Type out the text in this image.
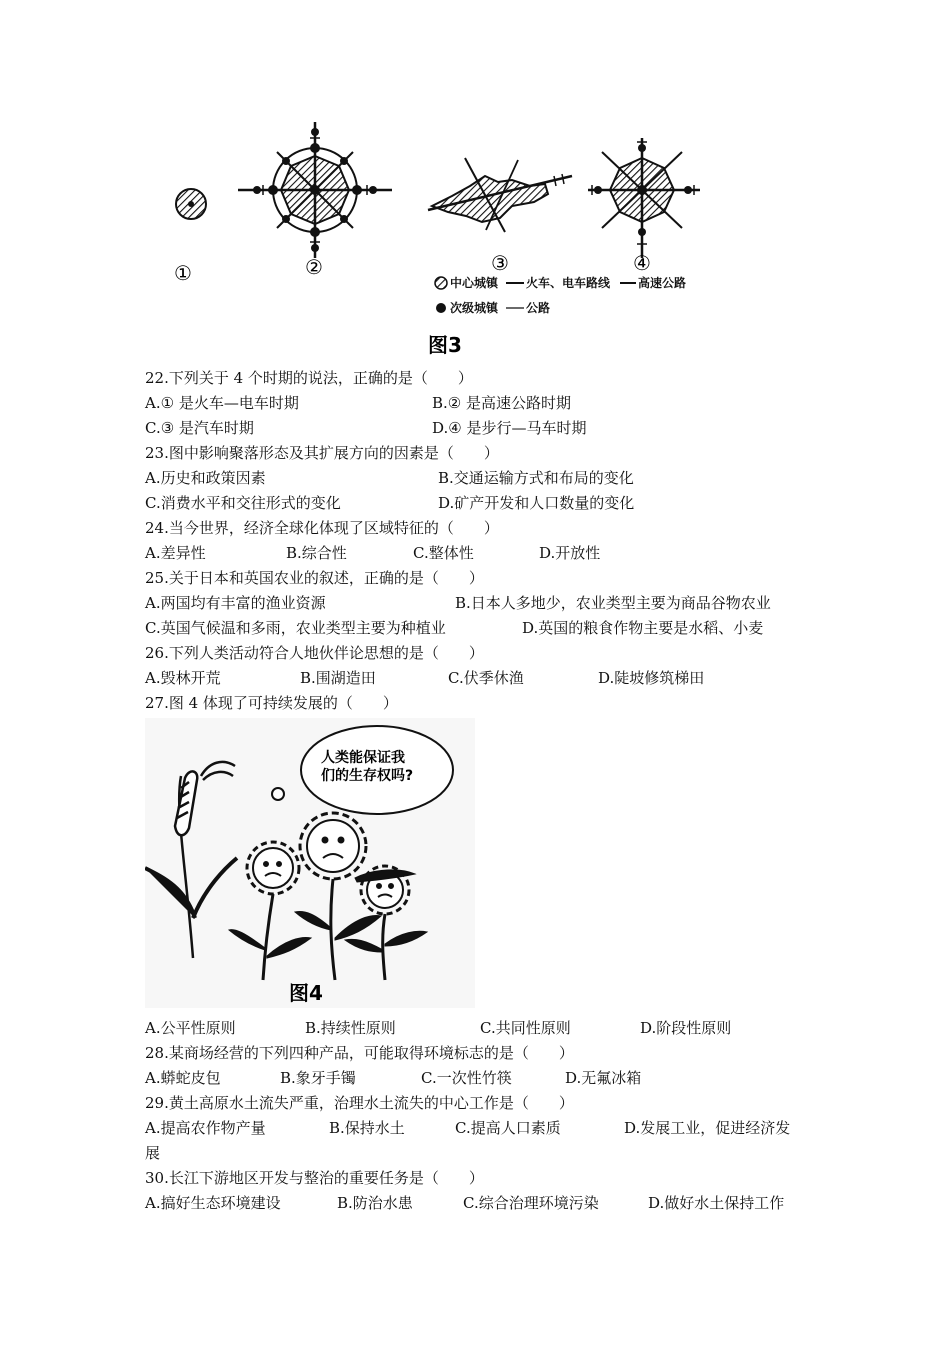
①	②	③	④
中心城镇 火车、电车路线 高速公路
次级城镇 公路
图3
22.下列关于 4 个时期的说法，正确的是（　　）
A.① 是火车—电车时期	B.② 是高速公路时期
C.③ 是汽车时期	D.④ 是步行—马车时期
23.图中影响聚落形态及其扩展方向的因素是（　　）
A.历史和政策因素	B.交通运输方式和布局的变化
C.消费水平和交往形式的变化	D.矿产开发和人口数量的变化
24.当今世界，经济全球化体现了区域特征的（　　）
A.差异性	B.综合性	C.整体性	D.开放性
25.关于日本和英国农业的叙述，正确的是（　　）
A.两国均有丰富的渔业资源	B.日本人多地少，农业类型主要为商品谷物农业
C.英国气候温和多雨，农业类型主要为种植业	D.英国的粮食作物主要是水稻、小麦
26.下列人类活动符合人地伙伴论思想的是（　　）
A.毁林开荒	B.围湖造田	C.伏季休渔	D.陡坡修筑梯田
27.图 4 体现了可持续发展的（　　）
人类能保证我
们的生存权吗?
图4
A.公平性原则	B.持续性原则	C.共同性原则	D.阶段性原则
28.某商场经营的下列四种产品，可能取得环境标志的是（　　）
A.蟒蛇皮包	B.象牙手镯	C.一次性竹筷	D.无氟冰箱
29.黄土高原水土流失严重，治理水土流失的中心工作是（　　）
A.提高农作物产量	B.保持水土	C.提高人口素质	D.发展工业，促进经济发
展
30.长江下游地区开发与整治的重要任务是（　　）
A.搞好生态环境建设	B.防治水患	C.综合治理环境污染	D.做好水土保持工作
